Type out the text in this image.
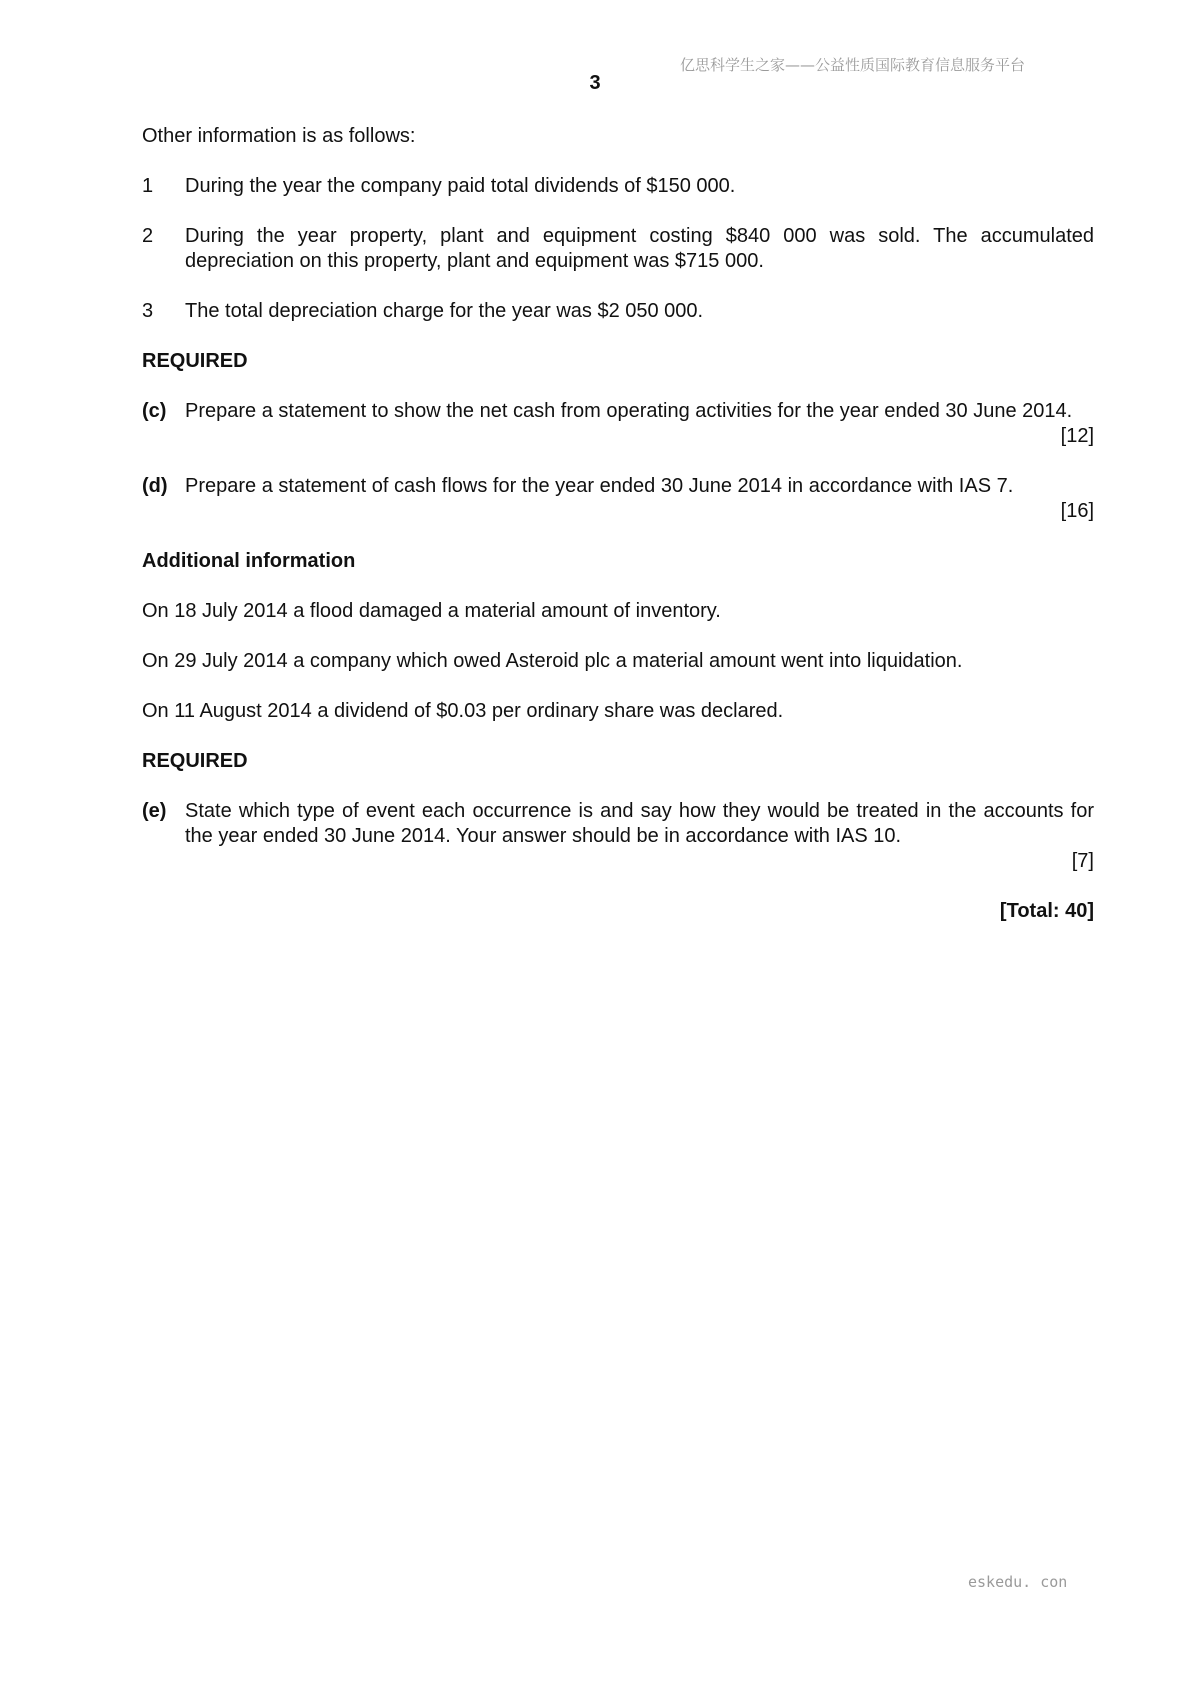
亿思科学生之家——公益性质国际教育信息服务平台
3

Other information is as follows:

1	During the year the company paid total dividends of $150 000.
2	During the year property, plant and equipment costing $840 000 was sold. The accumulated depreciation on this property, plant and equipment was $715 000.
3	The total depreciation charge for the year was $2 050 000.

REQUIRED

(c) Prepare a statement to show the net cash from operating activities for the year ended 30 June 2014.
[12]
(d) Prepare a statement of cash flows for the year ended 30 June 2014 in accordance with IAS 7.
[16]

Additional information

On 18 July 2014 a flood damaged a material amount of inventory.

On 29 July 2014 a company which owed Asteroid plc a material amount went into liquidation.

On 11 August 2014 a dividend of $0.03 per ordinary share was declared.

REQUIRED

(e) State which type of event each occurrence is and say how they would be treated in the accounts for the year ended 30 June 2014. Your answer should be in accordance with IAS 10.
[7]

[Total: 40]

eskedu. con
